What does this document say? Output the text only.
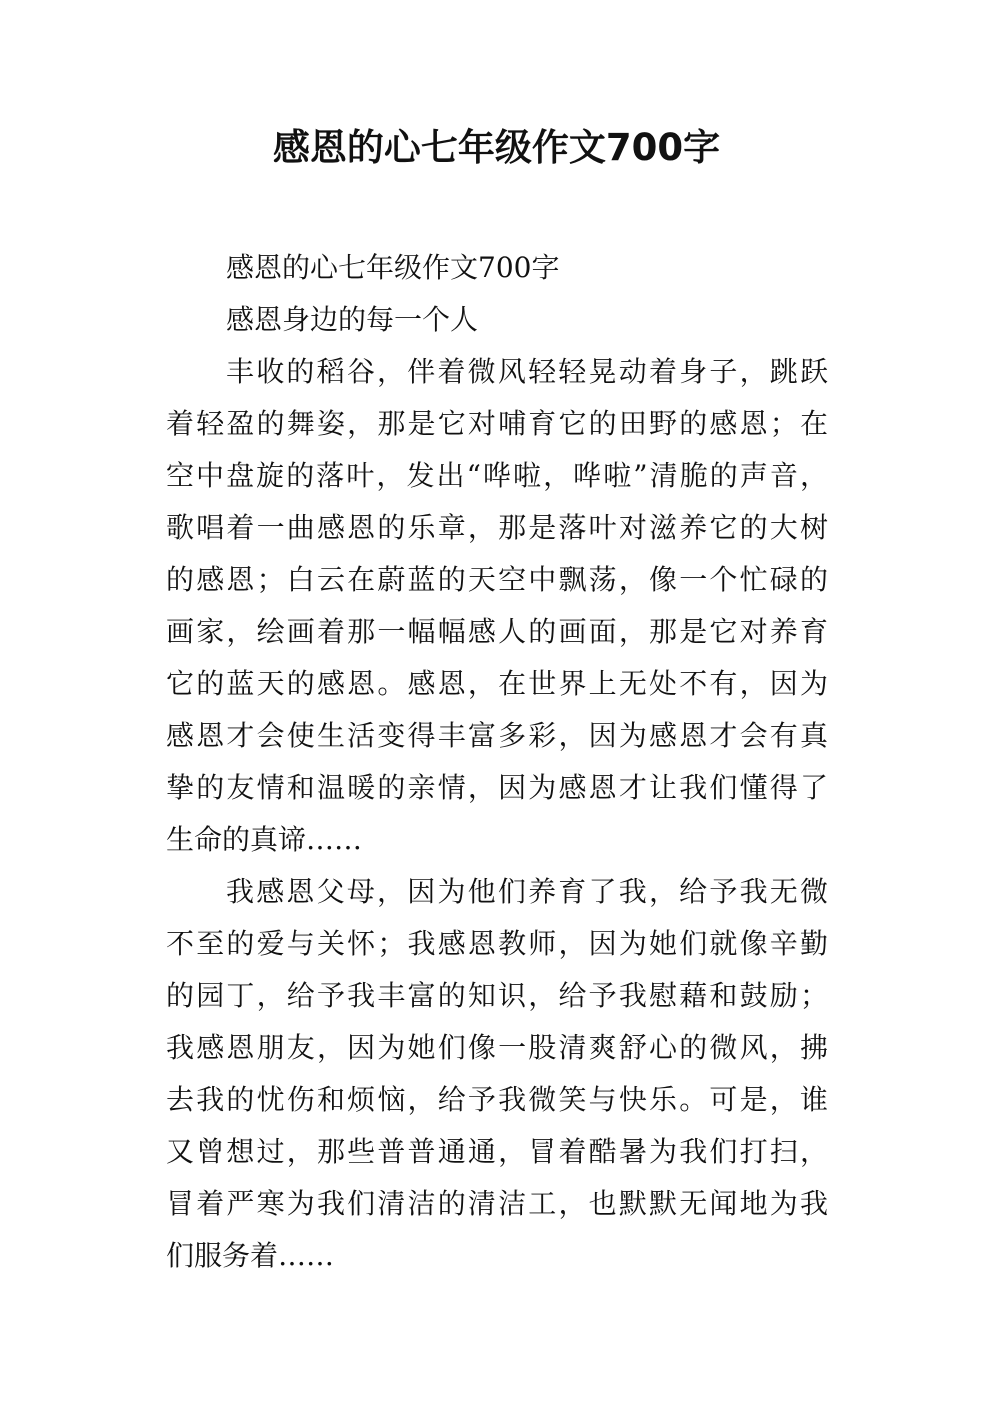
感恩的心七年级作文700字
感恩的心七年级作文700字
感恩身边的每一个人
丰收的稻谷，伴着微风轻轻晃动着身子，跳跃
着轻盈的舞姿，那是它对哺育它的田野的感恩；在
空中盘旋的落叶，发出“哗啦，哗啦”清脆的声音，
歌唱着一曲感恩的乐章，那是落叶对滋养它的大树
的感恩；白云在蔚蓝的天空中飘荡，像一个忙碌的
画家，绘画着那一幅幅感人的画面，那是它对养育
它的蓝天的感恩。感恩，在世界上无处不有，因为
感恩才会使生活变得丰富多彩，因为感恩才会有真
挚的友情和温暖的亲情，因为感恩才让我们懂得了
生命的真谛……
我感恩父母，因为他们养育了我，给予我无微
不至的爱与关怀；我感恩教师，因为她们就像辛勤
的园丁，给予我丰富的知识，给予我慰藉和鼓励；
我感恩朋友，因为她们像一股清爽舒心的微风，拂
去我的忧伤和烦恼，给予我微笑与快乐。可是，谁
又曾想过，那些普普通通，冒着酷暑为我们打扫，
冒着严寒为我们清洁的清洁工，也默默无闻地为我
们服务着……
